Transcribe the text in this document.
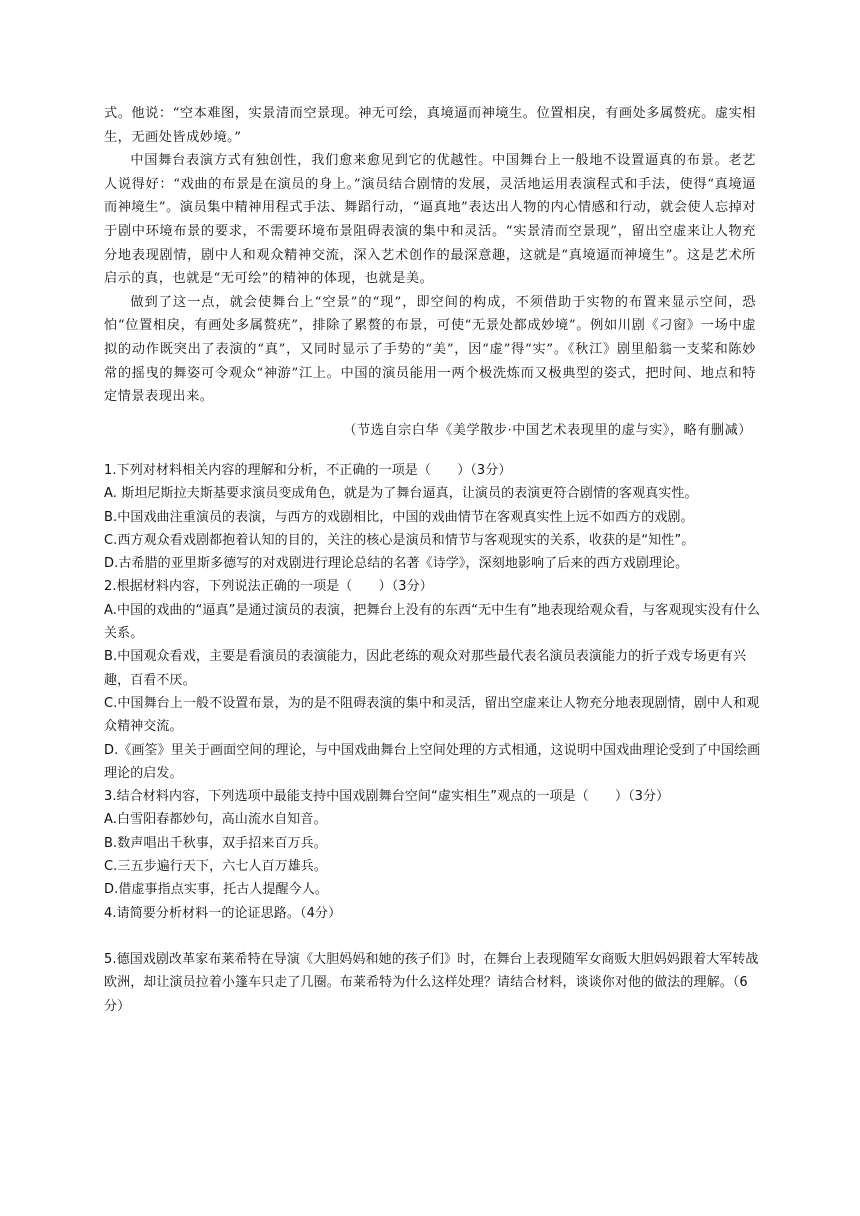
式。他说：“空本难图，实景清而空景现。神无可绘，真境逼而神境生。位置相戾，有画处多属赘疣。虚实相生，无画处皆成妙境。”

中国舞台表演方式有独创性，我们愈来愈见到它的优越性。中国舞台上一般地不设置逼真的布景。老艺人说得好：“戏曲的布景是在演员的身上。”演员结合剧情的发展，灵活地运用表演程式和手法，使得“真境逼而神境生”。演员集中精神用程式手法、舞蹈行动，“逼真地”表达出人物的内心情感和行动，就会使人忘掉对于剧中环境布景的要求，不需要环境布景阻碍表演的集中和灵活。“实景清而空景现”，留出空虚来让人物充分地表现剧情，剧中人和观众精神交流，深入艺术创作的最深意趣，这就是“真境逼而神境生”。这是艺术所启示的真，也就是“无可绘”的精神的体现，也就是美。

做到了这一点，就会使舞台上“空景”的“现”，即空间的构成，不须借助于实物的布置来显示空间，恐怕“位置相戾，有画处多属赘疣”，排除了累赘的布景，可使“无景处都成妙境”。例如川剧《刁窗》一场中虚拟的动作既突出了表演的“真”，又同时显示了手势的“美”，因“虚”得“实”。《秋江》剧里船翁一支桨和陈妙常的摇曳的舞姿可令观众“神游”江上。中国的演员能用一两个极洗炼而又极典型的姿式，把时间、地点和特定情景表现出来。

（节选自宗白华《美学散步·中国艺术表现里的虚与实》，略有删减）

1.下列对材料相关内容的理解和分析，不正确的一项是（　　）（3分）

A. 斯坦尼斯拉夫斯基要求演员变成角色，就是为了舞台逼真，让演员的表演更符合剧情的客观真实性。

B.中国戏曲注重演员的表演，与西方的戏剧相比，中国的戏曲情节在客观真实性上远不如西方的戏剧。

C.西方观众看戏剧都抱着认知的目的，关注的核心是演员和情节与客观现实的关系，收获的是“知性”。

D.古希腊的亚里斯多德写的对戏剧进行理论总结的名著《诗学》，深刻地影响了后来的西方戏剧理论。

2.根据材料内容，下列说法正确的一项是（　　）（3分）

A.中国的戏曲的“逼真”是通过演员的表演，把舞台上没有的东西“无中生有”地表现给观众看，与客观现实没有什么关系。

B.中国观众看戏，主要是看演员的表演能力，因此老练的观众对那些最代表名演员表演能力的折子戏专场更有兴趣，百看不厌。

C.中国舞台上一般不设置布景，为的是不阻碍表演的集中和灵活，留出空虚来让人物充分地表现剧情，剧中人和观众精神交流。

D.《画筌》里关于画面空间的理论，与中国戏曲舞台上空间处理的方式相通，这说明中国戏曲理论受到了中国绘画理论的启发。

3.结合材料内容，下列选项中最能支持中国戏剧舞台空间“虚实相生”观点的一项是（　　）（3分）

A.白雪阳春都妙句，高山流水自知音。

B.数声唱出千秋事，双手招来百万兵。

C.三五步遍行天下，六七人百万雄兵。

D.借虚事指点实事，托古人提醒今人。

4.请简要分析材料一的论证思路。（4分）

5.德国戏剧改革家布莱希特在导演《大胆妈妈和她的孩子们》时，在舞台上表现随军女商贩大胆妈妈跟着大军转战欧洲，却让演员拉着小篷车只走了几圈。布莱希特为什么这样处理？请结合材料，谈谈你对他的做法的理解。（6分）
